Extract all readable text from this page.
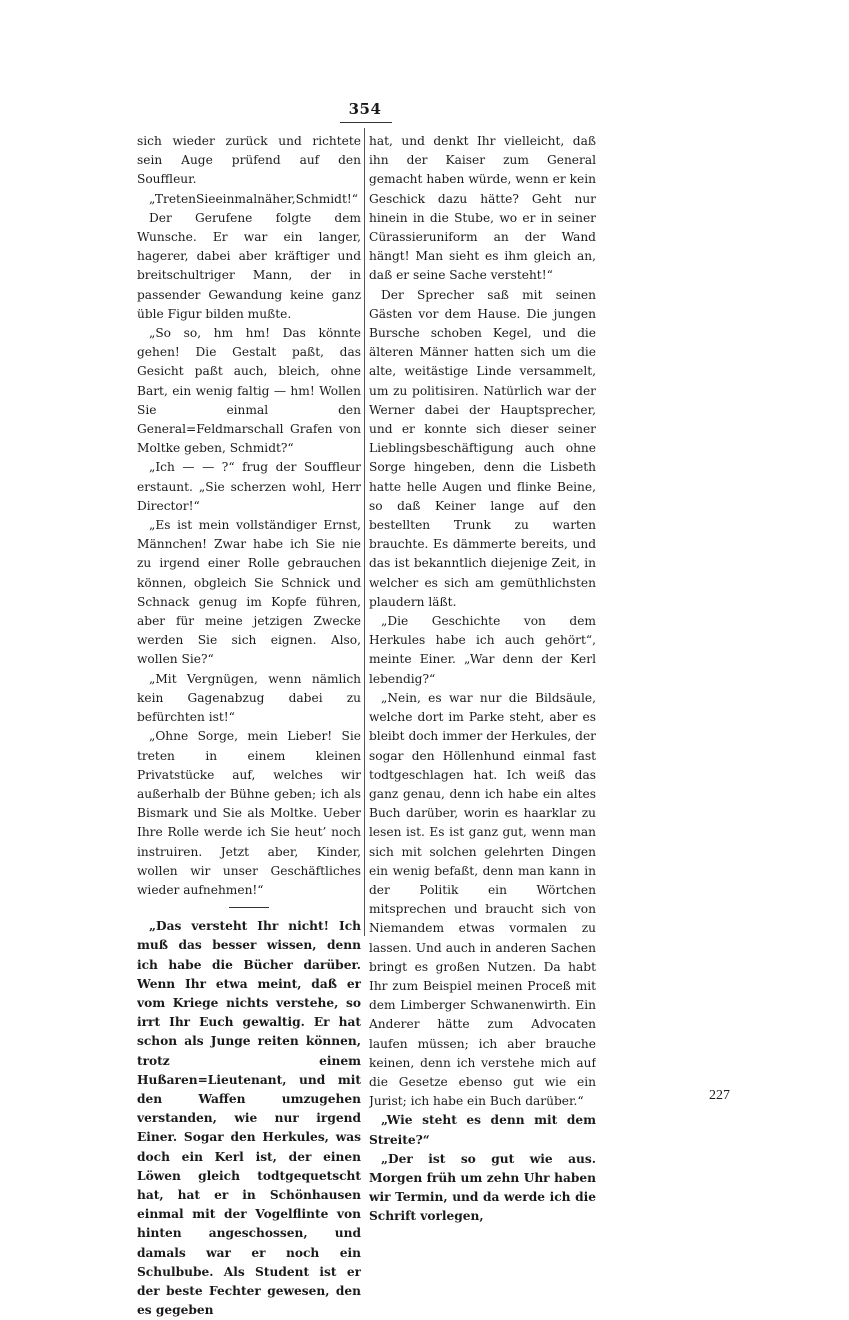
354

sich wieder zurück und richtete sein Auge prüfend auf den Souffleur.

„TretenSieeinmalnäher,Schmidt!“

Der Gerufene folgte dem Wunsche. Er war ein langer, hagerer, dabei aber kräftiger und breitschultriger Mann, der in passender Gewandung keine ganz üble Figur bilden mußte.

„So so, hm hm! Das könnte gehen! Die Gestalt paßt, das Gesicht paßt auch, bleich, ohne Bart, ein wenig faltig — hm! Wollen Sie einmal den General=Feldmarschall Grafen von Moltke geben, Schmidt?“

„Ich — — ?“ frug der Souffleur erstaunt. „Sie scherzen wohl, Herr Director!“

„Es ist mein vollständiger Ernst, Männchen! Zwar habe ich Sie nie zu irgend einer Rolle gebrauchen können, obgleich Sie Schnick und Schnack genug im Kopfe führen, aber für meine jetzigen Zwecke werden Sie sich eignen. Also, wollen Sie?“

„Mit Vergnügen, wenn nämlich kein Gagenabzug dabei zu befürchten ist!“

„Ohne Sorge, mein Lieber! Sie treten in einem kleinen Privatstücke auf, welches wir außerhalb der Bühne geben; ich als Bismark und Sie als Moltke. Ueber Ihre Rolle werde ich Sie heut’ noch instruiren. Jetzt aber, Kinder, wollen wir unser Geschäftliches wieder aufnehmen!“

„Das versteht Ihr nicht! Ich muß das besser wissen, denn ich habe die Bücher darüber. Wenn Ihr etwa meint, daß er vom Kriege nichts verstehe, so irrt Ihr Euch gewaltig. Er hat schon als Junge reiten können, trotz einem Hußaren=Lieutenant, und mit den Waffen umzugehen verstanden, wie nur irgend Einer. Sogar den Herkules, was doch ein Kerl ist, der einen Löwen gleich todtgequetscht hat, hat er in Schönhausen einmal mit der Vogelflinte von hinten angeschossen, und damals war er noch ein Schulbube. Als Student ist er der beste Fechter gewesen, den es gegeben

hat, und denkt Ihr vielleicht, daß ihn der Kaiser zum General gemacht haben würde, wenn er kein Geschick dazu hätte? Geht nur hinein in die Stube, wo er in seiner Cürassieruniform an der Wand hängt! Man sieht es ihm gleich an, daß er seine Sache versteht!“

Der Sprecher saß mit seinen Gästen vor dem Hause. Die jungen Bursche schoben Kegel, und die älteren Männer hatten sich um die alte, weitästige Linde versammelt, um zu politisiren. Natürlich war der Werner dabei der Hauptsprecher, und er konnte sich dieser seiner Lieblingsbeschäftigung auch ohne Sorge hingeben, denn die Lisbeth hatte helle Augen und flinke Beine, so daß Keiner lange auf den bestellten Trunk zu warten brauchte. Es dämmerte bereits, und das ist bekanntlich diejenige Zeit, in welcher es sich am gemüthlichsten plaudern läßt.

„Die Geschichte von dem Herkules habe ich auch gehört“, meinte Einer. „War denn der Kerl lebendig?“

„Nein, es war nur die Bildsäule, welche dort im Parke steht, aber es bleibt doch immer der Herkules, der sogar den Höllenhund einmal fast todtgeschlagen hat. Ich weiß das ganz genau, denn ich habe ein altes Buch darüber, worin es haarklar zu lesen ist. Es ist ganz gut, wenn man sich mit solchen gelehrten Dingen ein wenig befaßt, denn man kann in der Politik ein Wörtchen mitsprechen und braucht sich von Niemandem etwas vormalen zu lassen. Und auch in anderen Sachen bringt es großen Nutzen. Da habt Ihr zum Beispiel meinen Proceß mit dem Limberger Schwanenwirth. Ein Anderer hätte zum Advocaten laufen müssen; ich aber brauche keinen, denn ich verstehe mich auf die Gesetze ebenso gut wie ein Jurist; ich habe ein Buch darüber.“

„Wie steht es denn mit dem Streite?“

„Der ist so gut wie aus. Morgen früh um zehn Uhr haben wir Termin, und da werde ich die Schrift vorlegen,

227
